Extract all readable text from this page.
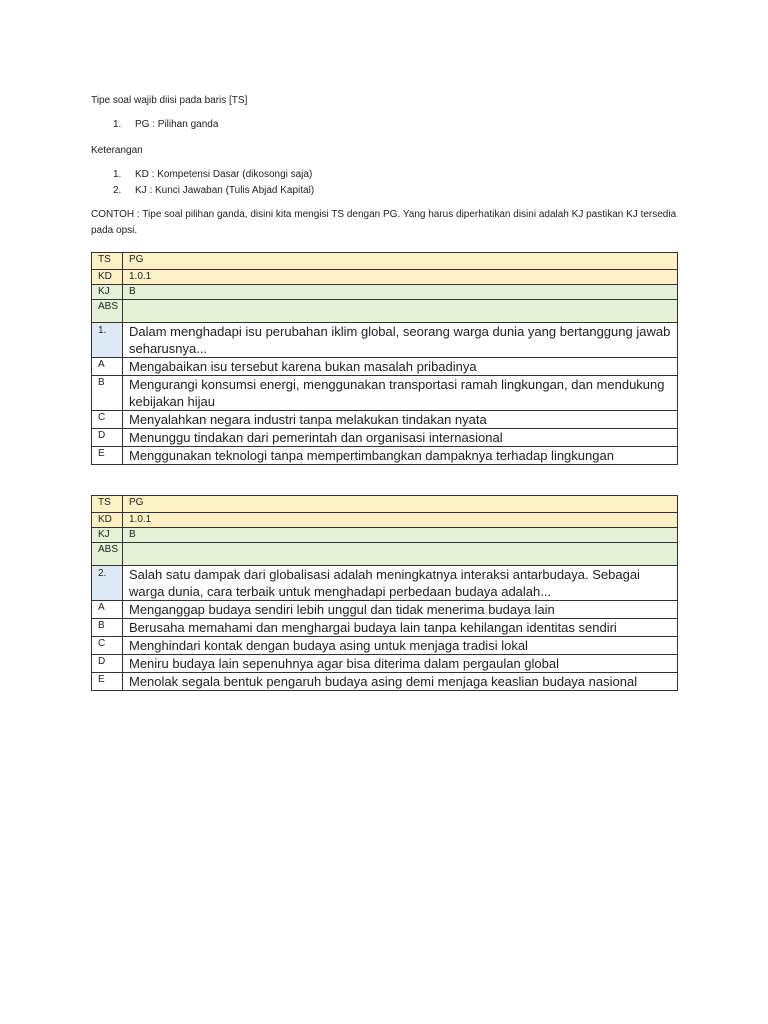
Tipe soal wajib diisi pada baris [TS]

1. PG : Pilihan ganda

Keterangan

1. KD : Kompetensi Dasar (dikosongi saja)
2. KJ : Kunci Jawaban (Tulis Abjad Kapital)

CONTOH : Tipe soal pilihan ganda, disini kita mengisi TS dengan PG. Yang harus diperhatikan disini adalah KJ pastikan KJ tersedia

pada opsi.

TS	PG
KD	1.0.1
KJ	B
ABS	
1.	Dalam menghadapi isu perubahan iklim global, seorang warga dunia yang bertanggung jawab seharusnya...
A	Mengabaikan isu tersebut karena bukan masalah pribadinya
B	Mengurangi konsumsi energi, menggunakan transportasi ramah lingkungan, dan mendukung kebijakan hijau
C	Menyalahkan negara industri tanpa melakukan tindakan nyata
D	Menunggu tindakan dari pemerintah dan organisasi internasional
E	Menggunakan teknologi tanpa mempertimbangkan dampaknya terhadap lingkungan
TS	PG
KD	1.0.1
KJ	B
ABS	
2.	Salah satu dampak dari globalisasi adalah meningkatnya interaksi antarbudaya. Sebagai warga dunia, cara terbaik untuk menghadapi perbedaan budaya adalah...
A	Menganggap budaya sendiri lebih unggul dan tidak menerima budaya lain
B	Berusaha memahami dan menghargai budaya lain tanpa kehilangan identitas sendiri
C	Menghindari kontak dengan budaya asing untuk menjaga tradisi lokal
D	Meniru budaya lain sepenuhnya agar bisa diterima dalam pergaulan global
E	Menolak segala bentuk pengaruh budaya asing demi menjaga keaslian budaya nasional
